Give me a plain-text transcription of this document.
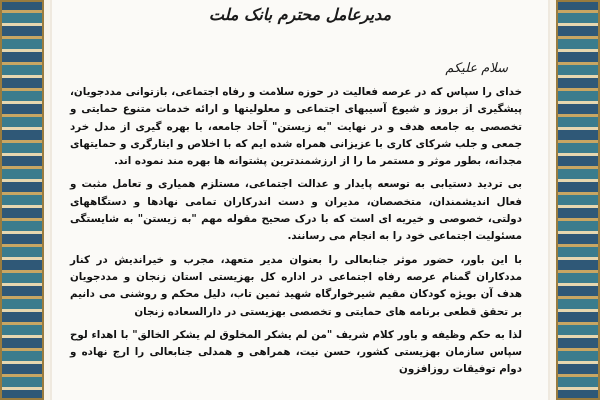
مدیرعامل محترم بانک ملت
سلام علیکم

خدای را سپاس که در عرصه فعالیت در حوزه سلامت و رفاه اجتماعی، بازتوانی مددجویان، پیشگیری از بروز و شیوع آسیبهای اجتماعی و معلولیتها و ارائه خدمات متنوع حمایتی و تخصصی به جامعه هدف و در نهایت "به زیستن" آحاد جامعه، با بهره گیری از مدل خرد جمعی و جلب شرکای کاری با عزیزانی همراه شده ایم که با اخلاص و ایثارگری و حمایتهای مجدانه، بطور موثر و مستمر ما را از ارزشمندترین پشتوانه ها بهره مند نموده اند.

بی تردید دستیابی به توسعه پایدار و عدالت اجتماعی، مستلزم همیاری و تعامل مثبت و فعال اندیشمندان، متخصصان، مدیران و دست اندرکاران تمامی نهادها و دستگاههای دولتی، خصوصی و خیریه ای است که با درک صحیح مقوله مهم "به زیستن" به شایستگی مسئولیت اجتماعی خود را به انجام می رسانند.

با این باور، حضور موثر جنابعالی را بعنوان مدیر متعهد، مجرب و خیراندیش در کنار مددکاران گمنام عرصه رفاه اجتماعی در اداره کل بهزیستی استان زنجان و مددجویان هدف آن بویژه کودکان مقیم شیرخوارگاه شهید ثمین تاب، دلیل محکم و روشنی می دانیم بر تحقق قطعی برنامه های حمایتی و تخصصی بهزیستی در دارالسعاده زنجان

لذا به حکم وظیفه و باور کلام شریف "من لم یشکر المخلوق لم یشکر الخالق" با اهداء لوح سپاس سازمان بهزیستی کشور، حسن نیت، همراهی و همدلی جنابعالی را ارج نهاده و دوام توفیقات روزافزون
